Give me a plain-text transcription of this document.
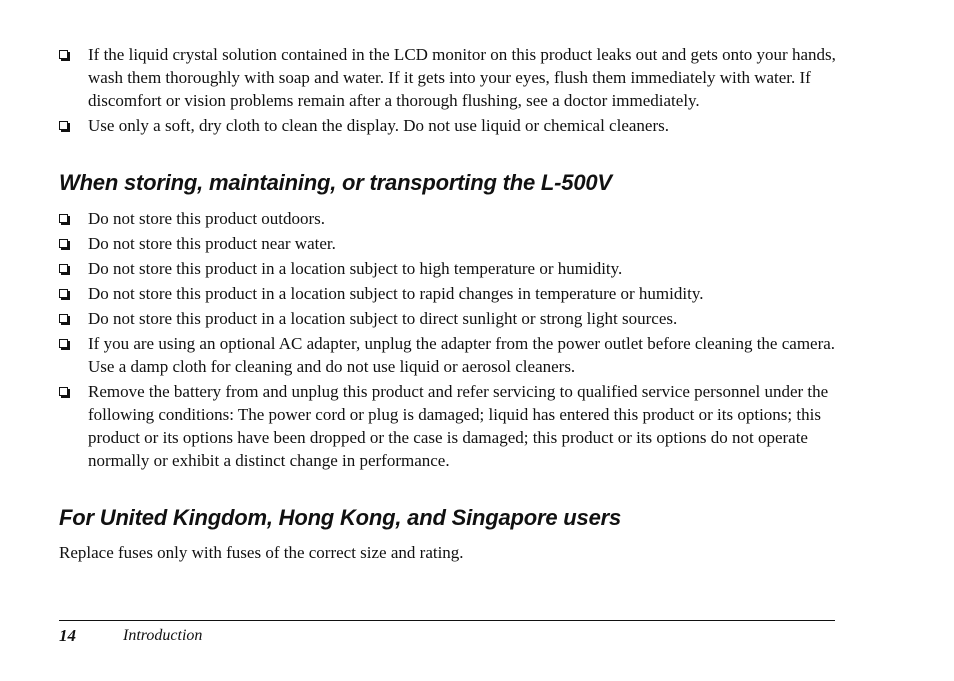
If the liquid crystal solution contained in the LCD monitor on this product leaks out and gets onto your hands, wash them thoroughly with soap and water. If it gets into your eyes, flush them immediately with water. If discomfort or vision problems remain after a thorough flushing, see a doctor immediately.
Use only a soft, dry cloth to clean the display. Do not use liquid or chemical cleaners.
When storing, maintaining, or transporting the L-500V
Do not store this product outdoors.
Do not store this product near water.
Do not store this product in a location subject to high temperature or humidity.
Do not store this product in a location subject to rapid changes in temperature or humidity.
Do not store this product in a location subject to direct sunlight or strong light sources.
If you are using an optional AC adapter, unplug the adapter from the power outlet before cleaning the camera. Use a damp cloth for cleaning and do not use liquid or aerosol cleaners.
Remove the battery from and unplug this product and refer servicing to qualified service personnel under the following conditions: The power cord or plug is damaged; liquid has entered this product or its options; this product or its options have been dropped or the case is damaged; this product or its options do not operate normally or exhibit a distinct change in performance.
For United Kingdom, Hong Kong, and Singapore users

Replace fuses only with fuses of the correct size and rating.

14	Introduction
